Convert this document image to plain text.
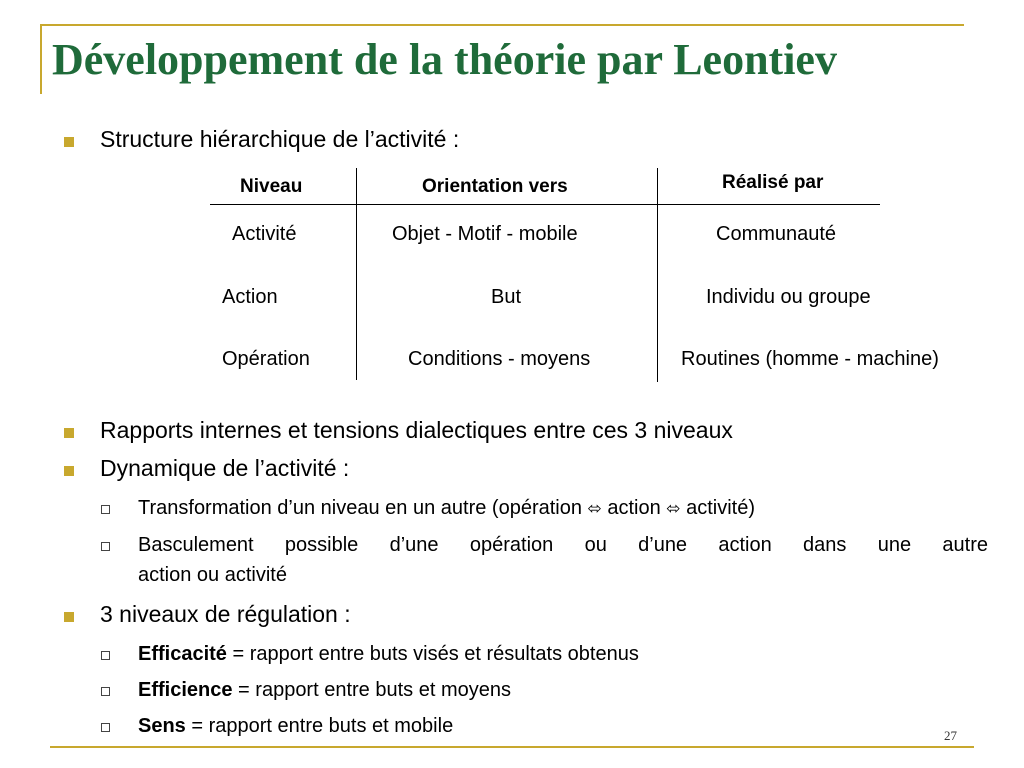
Développement de la théorie par Leontiev
Structure hiérarchique de l’activité :
Niveau	Orientation vers	Réalisé par
Activité	Objet - Motif - mobile	Communauté
Action	But	Individu ou groupe
Opération	Conditions - moyens	Routines (homme - machine)
Rapports internes et tensions dialectiques entre ces 3 niveaux
Dynamique de l’activité :
Transformation d’un niveau en un autre (opération ⬄ action ⬄ activité)
Basculement possible d’une opération ou d’une action dans une autre
action ou activité
3 niveaux de régulation :
Efficacité = rapport entre buts visés et résultats obtenus
Efficience = rapport entre buts et moyens
Sens = rapport entre buts et mobile	27
